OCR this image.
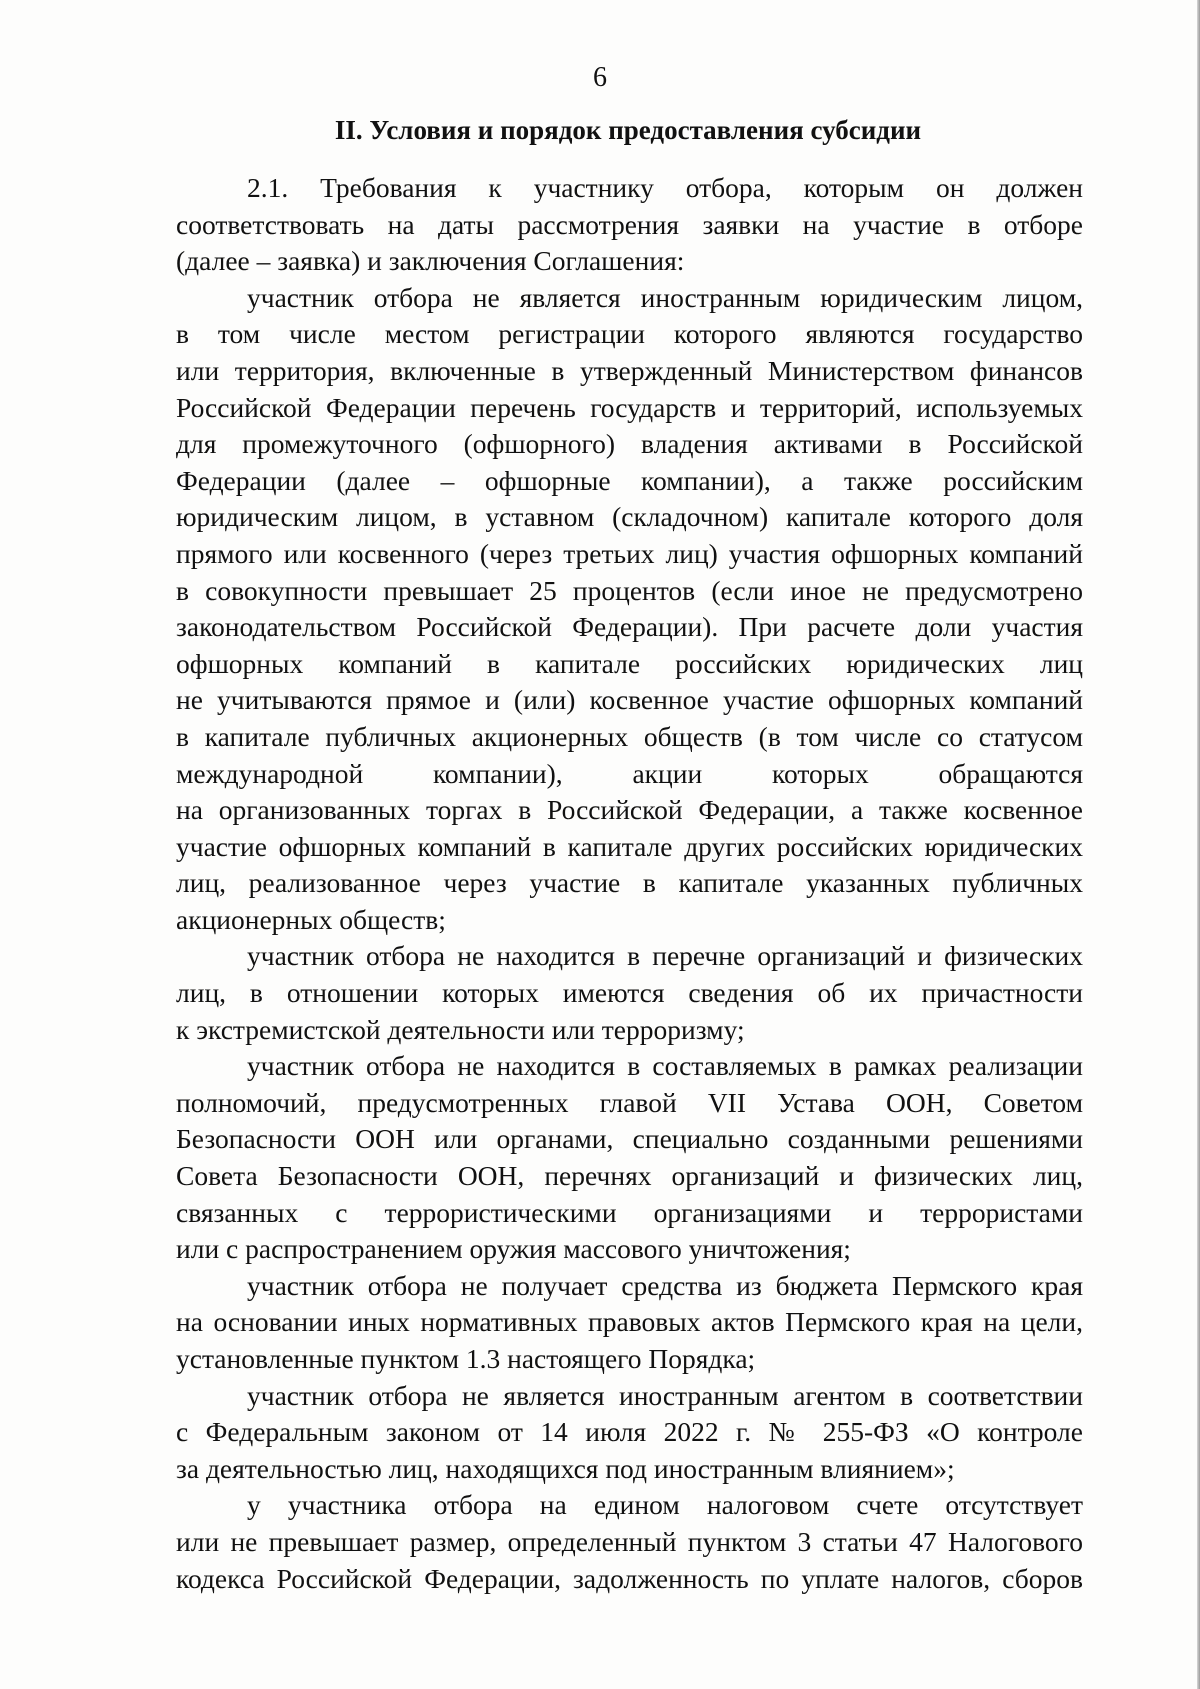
6
II. Условия и порядок предоставления субсидии
2.1. Требования к участнику отбора, которым он должен
соответствовать на даты рассмотрения заявки на участие в отборе
(далее – заявка) и заключения Соглашения:
участник отбора не является иностранным юридическим лицом,
в том числе местом регистрации которого являются государство
или территория, включенные в утвержденный Министерством финансов
Российской Федерации перечень государств и территорий, используемых
для промежуточного (офшорного) владения активами в Российской
Федерации (далее – офшорные компании), а также российским
юридическим лицом, в уставном (складочном) капитале которого доля
прямого или косвенного (через третьих лиц) участия офшорных компаний
в совокупности превышает 25 процентов (если иное не предусмотрено
законодательством Российской Федерации). При расчете доли участия
офшорных компаний в капитале российских юридических лиц
не учитываются прямое и (или) косвенное участие офшорных компаний
в капитале публичных акционерных обществ (в том числе со статусом
международной компании), акции которых обращаются
на организованных торгах в Российской Федерации, а также косвенное
участие офшорных компаний в капитале других российских юридических
лиц, реализованное через участие в капитале указанных публичных
акционерных обществ;
участник отбора не находится в перечне организаций и физических
лиц, в отношении которых имеются сведения об их причастности
к экстремистской деятельности или терроризму;
участник отбора не находится в составляемых в рамках реализации
полномочий, предусмотренных главой VII Устава ООН, Советом
Безопасности ООН или органами, специально созданными решениями
Совета Безопасности ООН, перечнях организаций и физических лиц,
связанных с террористическими организациями и террористами
или с распространением оружия массового уничтожения;
участник отбора не получает средства из бюджета Пермского края
на основании иных нормативных правовых актов Пермского края на цели,
установленные пунктом 1.3 настоящего Порядка;
участник отбора не является иностранным агентом в соответствии
с Федеральным законом от 14 июля 2022 г. № 255-ФЗ «О контроле
за деятельностью лиц, находящихся под иностранным влиянием»;
у участника отбора на едином налоговом счете отсутствует
или не превышает размер, определенный пунктом 3 статьи 47 Налогового
кодекса Российской Федерации, задолженность по уплате налогов, сборов
